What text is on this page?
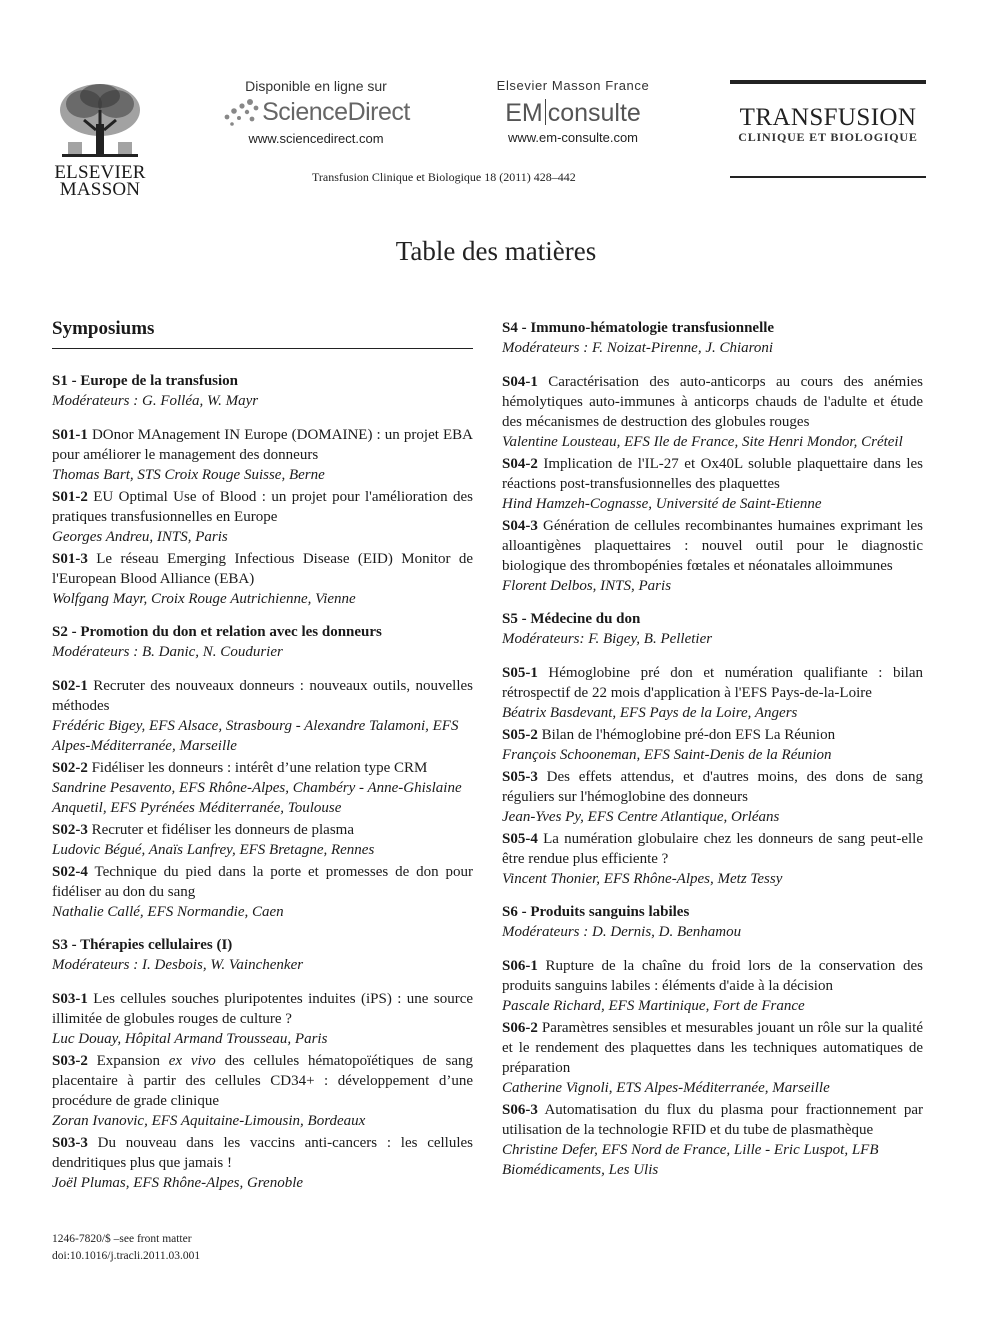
ELSEVIER MASSON
Disponible en ligne sur
ScienceDirect
www.sciencedirect.com
Elsevier Masson France
EM consulte
www.em-consulte.com
TRANSFUSION
CLINIQUE ET BIOLOGIQUE
Transfusion Clinique et Biologique 18 (2011) 428–442
Table des matières
Symposiums
S1 - Europe de la transfusion
Modérateurs : G. Folléa, W. Mayr
S01-1 DOnor MAnagement IN Europe (DOMAINE) : un projet EBA pour améliorer le management des donneurs
Thomas Bart, STS Croix Rouge Suisse, Berne
S01-2 EU Optimal Use of Blood : un projet pour l'amélioration des pratiques transfusionnelles en Europe
Georges Andreu, INTS, Paris
S01-3 Le réseau Emerging Infectious Disease (EID) Monitor de l'European Blood Alliance (EBA)
Wolfgang Mayr, Croix Rouge Autrichienne, Vienne
S2 - Promotion du don et relation avec les donneurs
Modérateurs : B. Danic, N. Coudurier
S02-1 Recruter des nouveaux donneurs : nouveaux outils, nouvelles méthodes
Frédéric Bigey, EFS Alsace, Strasbourg - Alexandre Talamoni, EFS Alpes-Méditerranée, Marseille
S02-2 Fidéliser les donneurs : intérêt d’une relation type CRM
Sandrine Pesavento, EFS Rhône-Alpes, Chambéry - Anne-Ghislaine Anquetil, EFS Pyrénées Méditerranée, Toulouse
S02-3 Recruter et fidéliser les donneurs de plasma
Ludovic Bégué, Anaïs Lanfrey, EFS Bretagne, Rennes
S02-4 Technique du pied dans la porte et promesses de don pour fidéliser au don du sang
Nathalie Callé, EFS Normandie, Caen
S3 - Thérapies cellulaires (I)
Modérateurs : I. Desbois, W. Vainchenker
S03-1 Les cellules souches pluripotentes induites (iPS) : une source illimitée de globules rouges de culture ?
Luc Douay, Hôpital Armand Trousseau, Paris
S03-2 Expansion ex vivo des cellules hématopoïétiques de sang placentaire à partir des cellules CD34+ : développement d’une procédure de grade clinique
Zoran Ivanovic, EFS Aquitaine-Limousin, Bordeaux
S03-3 Du nouveau dans les vaccins anti-cancers : les cellules dendritiques plus que jamais !
Joël Plumas, EFS Rhône-Alpes, Grenoble
S4 - Immuno-hématologie transfusionnelle
Modérateurs : F. Noizat-Pirenne, J. Chiaroni
S04-1 Caractérisation des auto-anticorps au cours des anémies hémolytiques auto-immunes à anticorps chauds de l'adulte et étude des mécanismes de destruction des globules rouges
Valentine Lousteau, EFS Ile de France, Site Henri Mondor, Créteil
S04-2 Implication de l'IL-27 et Ox40L soluble plaquettaire dans les réactions post-transfusionnelles des plaquettes
Hind Hamzeh-Cognasse, Université de Saint-Etienne
S04-3 Génération de cellules recombinantes humaines exprimant les alloantigènes plaquettaires : nouvel outil pour le diagnostic biologique des thrombopénies fœtales et néonatales alloimmunes
Florent Delbos, INTS, Paris
S5 - Médecine du don
Modérateurs: F. Bigey, B. Pelletier
S05-1 Hémoglobine pré don et numération qualifiante : bilan rétrospectif de 22 mois d'application à l'EFS Pays-de-la-Loire
Béatrix Basdevant, EFS Pays de la Loire, Angers
S05-2 Bilan de l'hémoglobine pré-don EFS La Réunion
François Schooneman, EFS Saint-Denis de la Réunion
S05-3 Des effets attendus, et d'autres moins, des dons de sang réguliers sur l'hémoglobine des donneurs
Jean-Yves Py, EFS Centre Atlantique, Orléans
S05-4 La numération globulaire chez les donneurs de sang peut-elle être rendue plus efficiente ?
Vincent Thonier, EFS Rhône-Alpes, Metz Tessy
S6 - Produits sanguins labiles
Modérateurs : D. Dernis, D. Benhamou
S06-1 Rupture de la chaîne du froid lors de la conservation des produits sanguins labiles : éléments d'aide à la décision
Pascale Richard, EFS Martinique, Fort de France
S06-2 Paramètres sensibles et mesurables jouant un rôle sur la qualité et le rendement des plaquettes dans les techniques automatiques de préparation
Catherine Vignoli, ETS Alpes-Méditerranée, Marseille
S06-3 Automatisation du flux du plasma pour fractionnement par utilisation de la technologie RFID et du tube de plasmathèque
Christine Defer, EFS Nord de France, Lille - Eric Luspot, LFB Biomédicaments, Les Ulis
1246-7820/$ –see front matter
doi:10.1016/j.tracli.2011.03.001
